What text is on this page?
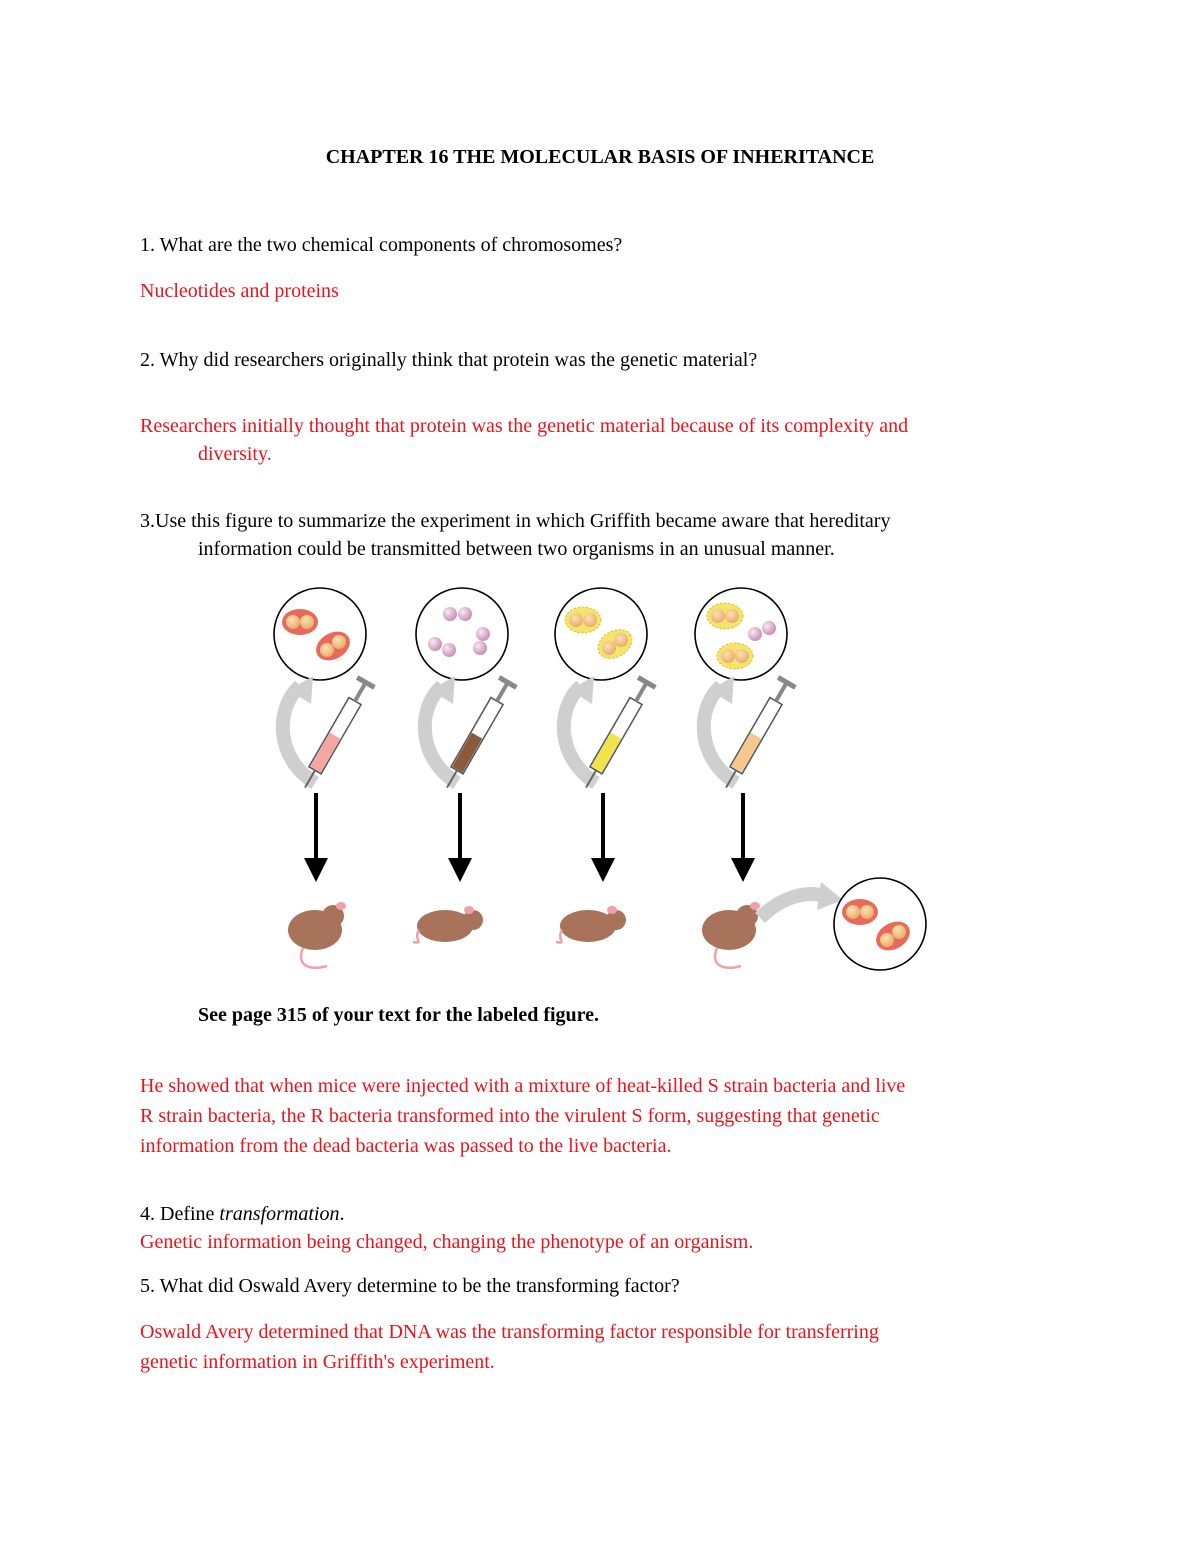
CHAPTER 16 THE MOLECULAR BASIS OF INHERITANCE
1. What are the two chemical components of chromosomes?
Nucleotides and proteins
2. Why did researchers originally think that protein was the genetic material?
Researchers initially thought that protein was the genetic material because of its complexity and
diversity.
3.Use this figure to summarize the experiment in which Griffith became aware that hereditary
information could be transmitted between two organisms in an unusual manner.
See page 315 of your text for the labeled figure.
He showed that when mice were injected with a mixture of heat-killed S strain bacteria and live
R strain bacteria, the R bacteria transformed into the virulent S form, suggesting that genetic
information from the dead bacteria was passed to the live bacteria.
4. Define transformation.
Genetic information being changed, changing the phenotype of an organism.
5. What did Oswald Avery determine to be the transforming factor?
Oswald Avery determined that DNA was the transforming factor responsible for transferring
genetic information in Griffith's experiment.
